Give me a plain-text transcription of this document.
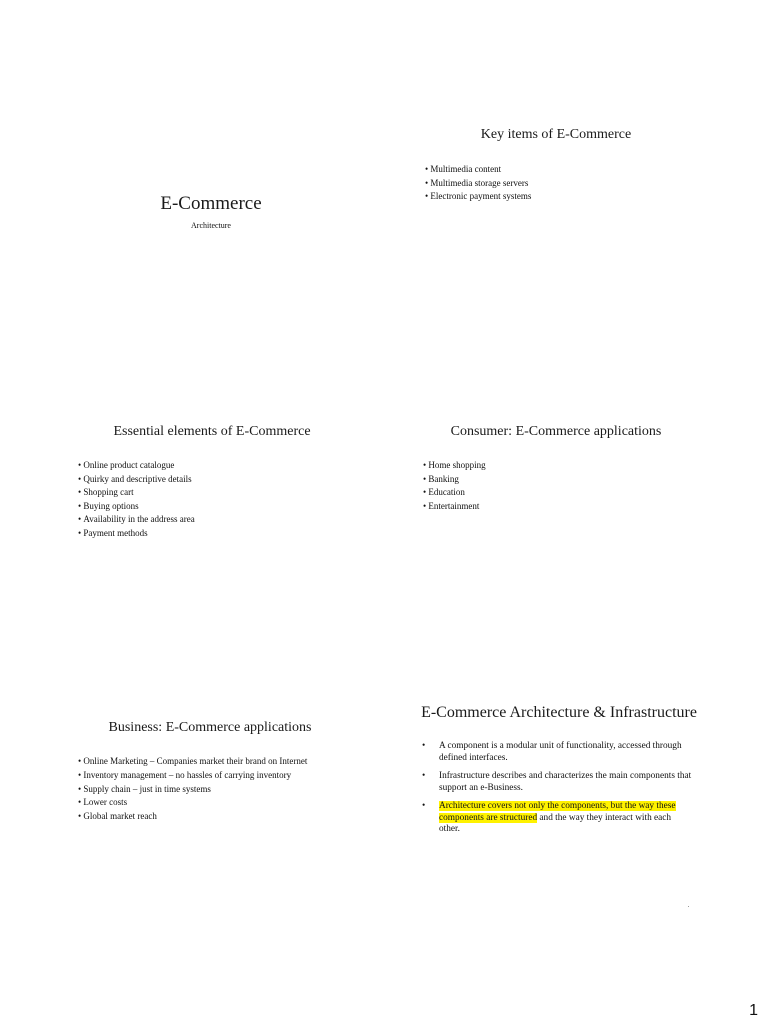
E-Commerce
Architecture
Key items of E-Commerce
• Multimedia content
• Multimedia storage servers
• Electronic payment systems
Essential elements of E-Commerce
• Online product catalogue
• Quirky and descriptive details
• Shopping cart
• Buying options
• Availability in the address area
• Payment methods
Consumer: E-Commerce applications
• Home shopping
• Banking
• Education
• Entertainment
Business: E-Commerce applications
• Online Marketing – Companies market their brand on Internet
• Inventory management – no hassles of carrying inventory
• Supply chain – just in time systems
• Lower costs
• Global market reach
E-Commerce Architecture & Infrastructure
• A component is a modular unit of functionality, accessed through defined interfaces.
• Infrastructure describes and characterizes the main components that support an e-Business.
• Architecture covers not only the components, but the way these components are structured and the way they interact with each other.
1
